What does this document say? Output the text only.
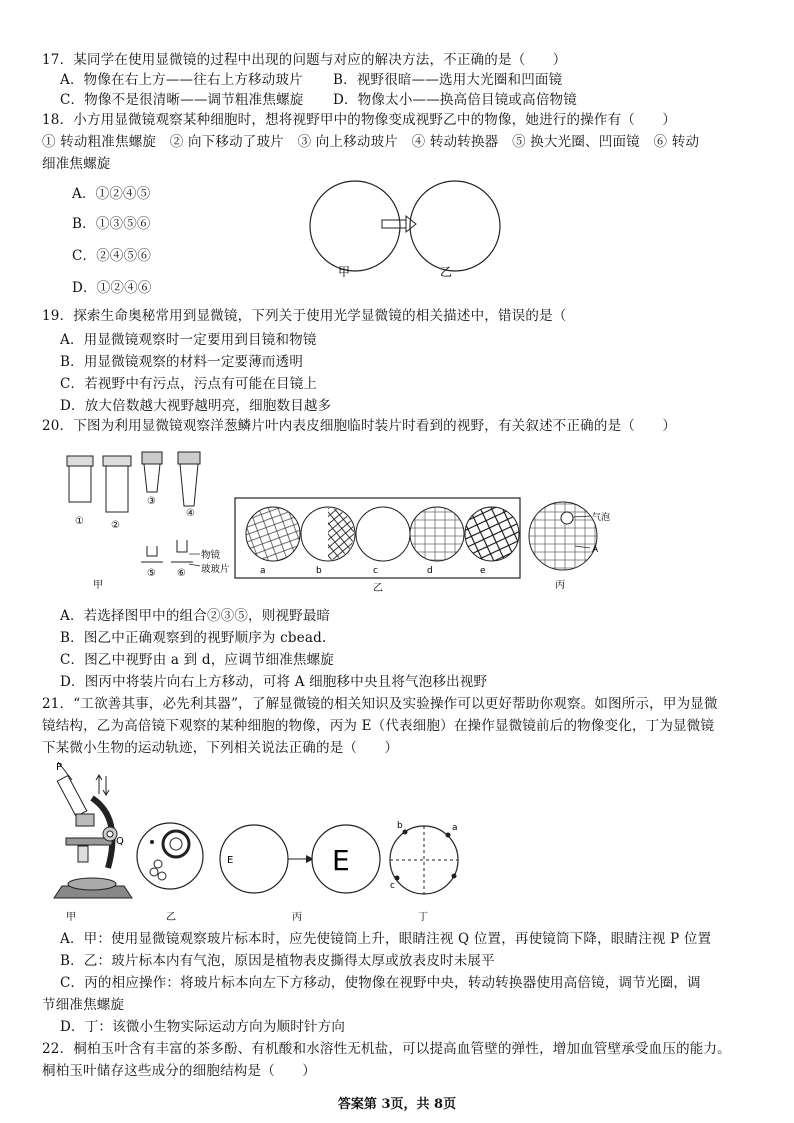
17．某同学在使用显微镜的过程中出现的问题与对应的解决方法，不正确的是（　　）
A．物像在右上方——往右上方移动玻片 B．视野很暗——选用大光圈和凹面镜
C．物像不是很清晰——调节粗准焦螺旋 D．物像太小——换高倍目镜或高倍物镜
18．小方用显微镜观察某种细胞时，想将视野甲中的物像变成视野乙中的物像，她进行的操作有（　　）
① 转动粗准焦螺旋　② 向下移动了玻片　③ 向上移动玻片　④ 转动转换器　⑤ 换大光圈、凹面镜　⑥ 转动
细准焦螺旋
A．①②④⑤
B．①③⑤⑥
C．②④⑤⑥
D．①②④⑥
甲	乙
19．探索生命奥秘常用到显微镜，下列关于使用光学显微镜的相关描述中，错误的是（
A．用显微镜观察时一定要用到目镜和物镜
B．用显微镜观察的材料一定要薄而透明
C．若视野中有污点，污点有可能在目镜上
D．放大倍数越大视野越明亮，细胞数目越多
20．下图为利用显微镜观察洋葱鳞片叶内表皮细胞临时装片时看到的视野，有关叙述不正确的是（　　）
①	②
③
④
物镜
玻玻片
⑤ ⑥
甲
a	b	c	d	e
乙
气泡
A
丙
A．若选择图甲中的组合②③⑤，则视野最暗
B．图乙中正确观察到的视野顺序为 cbead.
C．图乙中视野由 a 到 d，应调节细准焦螺旋
D．图丙中将装片向右上方移动，可将 A 细胞移中央且将气泡移出视野
21．“工欲善其事，必先利其器”，了解显微镜的相关知识及实验操作可以更好帮助你观察。如图所示，甲为显微
镜结构，乙为高倍镜下观察的某种细胞的物像，丙为 E（代表细胞）在操作显微镜前后的物像变化，丁为显微镜
下某微小生物的运动轨迹，下列相关说法正确的是（　　）
P
Q
甲	乙
E	E
丙
b	a
c
丁
A．甲：使用显微镜观察玻片标本时，应先使镜筒上升，眼睛注视 Q 位置，再使镜筒下降，眼睛注视 P 位置
B．乙：玻片标本内有气泡，原因是植物表皮撕得太厚或放表皮时未展平
C．丙的相应操作：将玻片标本向左下方移动，使物像在视野中央，转动转换器使用高倍镜，调节光圈，调
节细准焦螺旋
D．丁：该微小生物实际运动方向为顺时针方向
22．桐柏玉叶含有丰富的茶多酚、有机酸和水溶性无机盐，可以提高血管壁的弹性，增加血管壁承受血压的能力。
桐柏玉叶储存这些成分的细胞结构是（　　）
答案第 3页，共 8页
